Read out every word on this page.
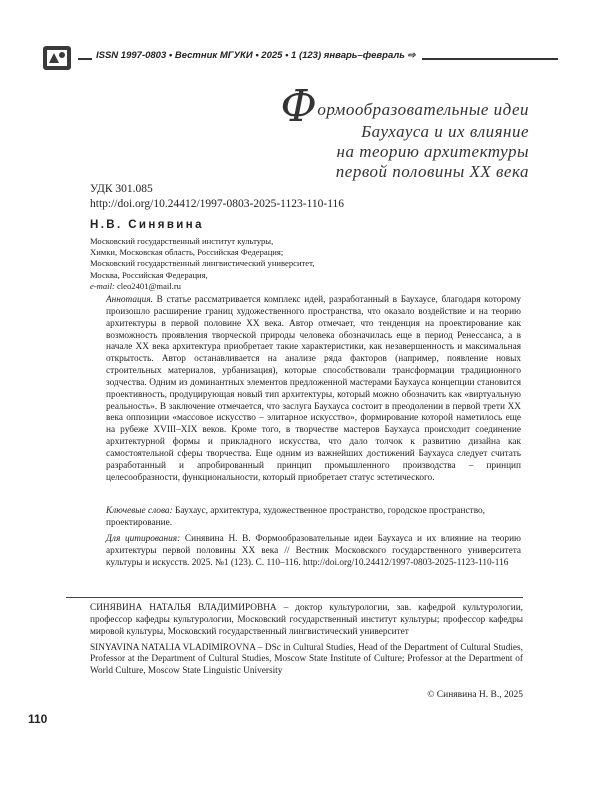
ISSN 1997-0803 • Вестник МГУКИ • 2025 • 1 (123) январь–февраль ⇨
Формообразовательные идеи
Баухауса и их влияние
на теорию архитектуры
первой половины ХХ века
УДК 301.085
http://doi.org/10.24412/1997-0803-2025-1123-110-116
Н.В. Синявина
Московский государственный институт культуры,
Химки, Московская область, Российская Федерация;
Московский государственный лингвистический университет,
Москва, Российская Федерация,
e-mail: cleo2401@mail.ru
Аннотация. В статье рассматривается комплекс идей, разработанный в Баухаусе, благодаря которому произошло расширение границ художественного пространства, что оказало воздействие и на теорию архитектуры в первой половине XX века. Автор отмечает, что тенденция на проектирование как возможность проявления творческой природы человека обозначилась еще в период Ренессанса, а в начале XX века архитектура приобретает такие характеристики, как незавершенность и максимальная открытость. Автор останавливается на анализе ряда факторов (например, появление новых строительных материалов, урбанизация), которые способствовали трансформации традиционного зодчества. Одним из доминантных элементов предложенной мастерами Баухауса концепции становится проективность, продуцирующая новый тип архитектуры, который можно обозначить как «виртуальную реальность». В заключение отмечается, что заслуга Баухауса состоит в преодолении в первой трети XX века оппозиции «массовое искусство – элитарное искусство», формирование которой наметилось еще на рубеже XVIII–XIX веков. Кроме того, в творчестве мастеров Баухауса происходит соединение архитектурной формы и прикладного искусства, что дало толчок к развитию дизайна как самостоятельной сферы творчества. Еще одним из важнейших достижений Баухауса следует считать разработанный и апробированный принцип промышленного производства – принцип целесообразности, функциональности, который приобретает статус эстетического.
Ключевые слова: Баухаус, архитектура, художественное пространство, городское пространство, проектирование.
Для цитирования: Синявина Н. В. Формообразовательные идеи Баухауса и их влияние на теорию архитектуры первой половины ХХ века // Вестник Московского государственного университета культуры и искусств. 2025. №1 (123). С. 110–116. http://doi.org/10.24412/1997-0803-2025-1123-110-116

СИНЯВИНА НАТАЛЬЯ ВЛАДИМИРОВНА – доктор культурологии, зав. кафедрой культурологии, профессор кафедры культурологии, Московский государственный институт культуры; профессор кафедры мировой культуры, Московский государственный лингвистический университет

SINYAVINA NATALIA VLADIMIROVNA – DSc in Cultural Studies, Head of the Department of Cultural Studies, Professor at the Department of Cultural Studies, Moscow State Institute of Culture; Professor at the Department of World Culture, Moscow State Linguistic University

© Синявина Н. В., 2025
110
